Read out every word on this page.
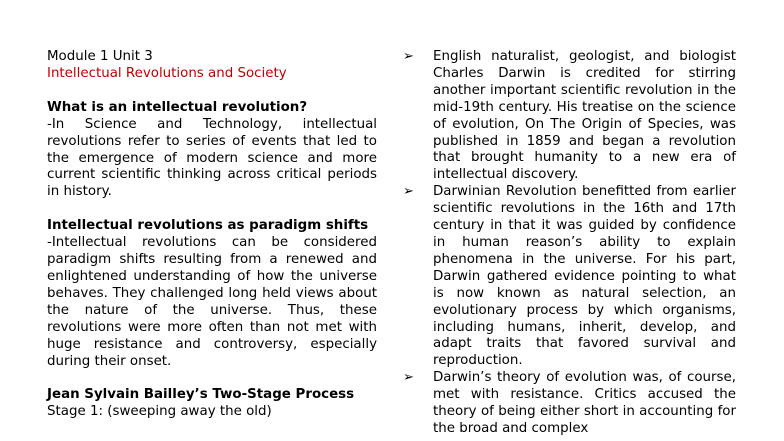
Module 1 Unit 3

Intellectual Revolutions and Society

What is an intellectual revolution?

-In Science and Technology, intellectual revolutions refer to series of events that led to the emergence of modern science and more current scientific thinking across critical periods in history.

Intellectual revolutions as paradigm shifts

-Intellectual revolutions can be considered paradigm shifts resulting from a renewed and enlightened understanding of how the universe behaves. They challenged long held views about the nature of the universe. Thus, these revolutions were more often than not met with huge resistance and controversy, especially during their onset.

Jean Sylvain Bailley’s Two-Stage Process

Stage 1: (sweeping away the old)

➢ English naturalist, geologist, and biologist Charles Darwin is credited for stirring another important scientific revolution in the mid-19th century. His treatise on the science of evolution, On The Origin of Species, was published in 1859 and began a revolution that brought humanity to a new era of intellectual discovery.

➢ Darwinian Revolution benefitted from earlier scientific revolutions in the 16th and 17th century in that it was guided by confidence in human reason’s ability to explain phenomena in the universe. For his part, Darwin gathered evidence pointing to what is now known as natural selection, an evolutionary process by which organisms, including humans, inherit, develop, and adapt traits that favored survival and reproduction.

➢ Darwin’s theory of evolution was, of course, met with resistance. Critics accused the theory of being either short in accounting for the broad and complex
